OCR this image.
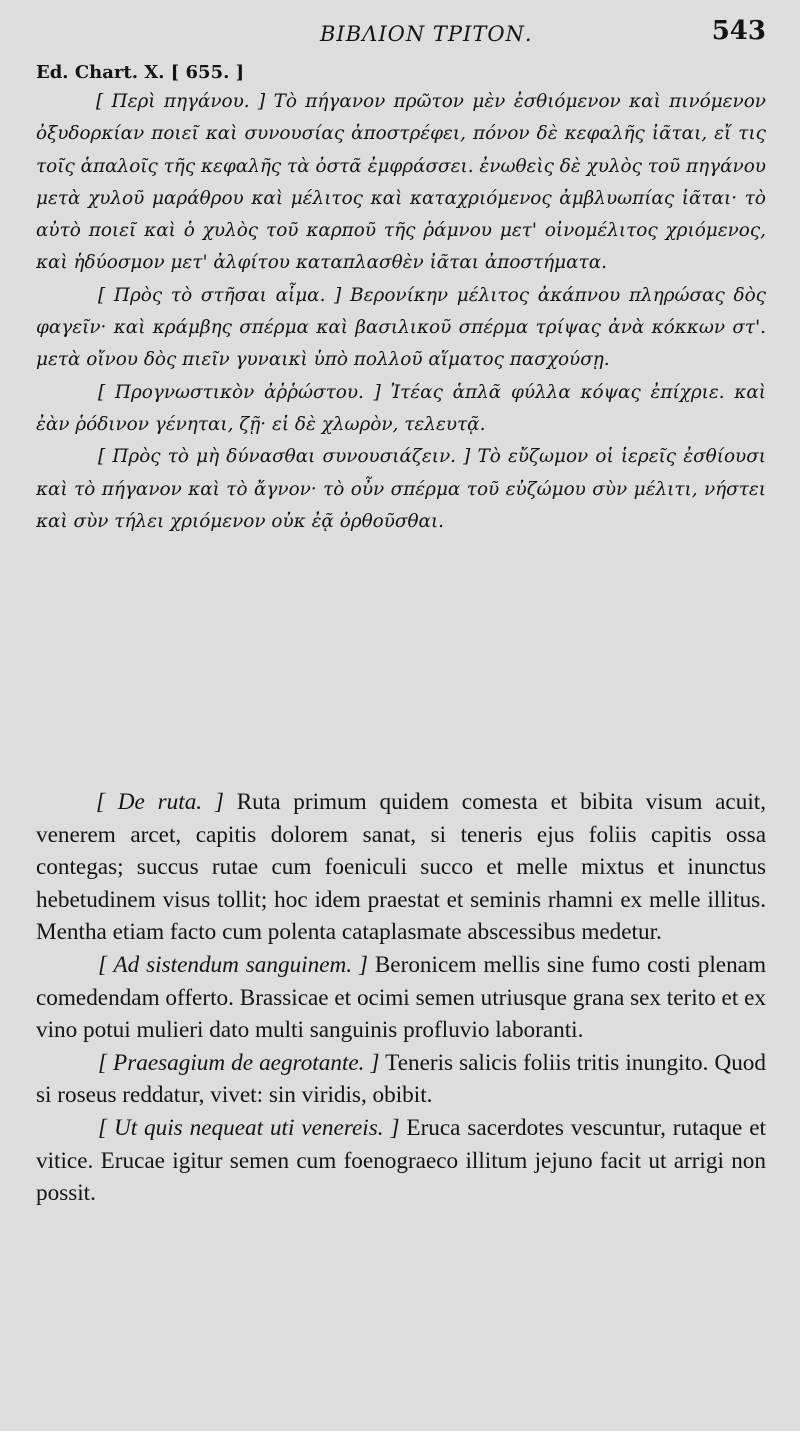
BIBΛΙΟΝ ΤΡΙΤΟΝ.	543
Ed. Chart. X. [ 655. ]

[ Περὶ πηγάνου. ] Τὸ πήγανον πρῶτον μὲν ἐσθιόμενον καὶ πινόμενον ὀξυδορκίαν ποιεῖ καὶ συνουσίας ἀποστρέφει, πόνον δὲ κεφαλῆς ἰᾶται, εἴ τις τοῖς ἁπαλοῖς τῆς κεφαλῆς τὰ ὀστᾶ ἐμφράσσει. ἐνωθεὶς δὲ χυλὸς τοῦ πηγάνου μετὰ χυλοῦ μαράθρου καὶ μέλιτος καὶ καταχριόμενος ἀμβλυωπίας ἰᾶται· τὸ αὐτὸ ποιεῖ καὶ ὁ χυλὸς τοῦ καρποῦ τῆς ῥάμνου μετ' οἰνομέλιτος χριόμενος, καὶ ἡδύοσμον μετ' ἀλφίτου καταπλασθὲν ἰᾶται ἀποστήματα.

[ Πρὸς τὸ στῆσαι αἷμα. ] Βερονίκην μέλιτος ἀκάπνου πληρώσας δὸς φαγεῖν· καὶ κράμβης σπέρμα καὶ βασιλικοῦ σπέρμα τρίψας ἀνὰ κόκκων στ'. μετὰ οἴνου δὸς πιεῖν γυναικὶ ὑπὸ πολλοῦ αἵματος πασχούσῃ.

[ Προγνωστικὸν ἀῤῥώστου. ] Ἰτέας ἁπλᾶ φύλλα κόψας ἐπίχριε. καὶ ἐὰν ῥόδινον γένηται, ζῇ· εἰ δὲ χλωρὸν, τελευτᾷ.

[ Πρὸς τὸ μὴ δύνασθαι συνουσιάζειν. ] Τὸ εὔζωμον οἱ ἱερεῖς ἐσθίουσι καὶ τὸ πήγανον καὶ τὸ ἄγνον· τὸ οὖν σπέρμα τοῦ εὐζώμου σὺν μέλιτι, νήστει καὶ σὺν τήλει χριόμενον οὐκ ἐᾷ ὀρθοῦσθαι.

[ De ruta. ] Ruta primum quidem comesta et bibita visum acuit, venerem arcet, capitis dolorem sanat, si teneris ejus foliis capitis ossa contegas; succus rutae cum foeniculi succo et melle mixtus et inunctus hebetudinem visus tollit; hoc idem praestat et seminis rhamni ex melle illitus. Mentha etiam facto cum polenta cataplasmate abscessibus medetur.

[ Ad sistendum sanguinem. ] Beronicem mellis sine fumo costi plenam comedendam offerto. Brassicae et ocimi semen utriusque grana sex terito et ex vino potui mulieri dato multi sanguinis profluvio laboranti.

[ Praesagium de aegrotante. ] Teneris salicis foliis tritis inungito. Quod si roseus reddatur, vivet: sin viridis, obibit.

[ Ut quis nequeat uti venereis. ] Eruca sacerdotes vescuntur, rutaque et vitice. Erucae igitur semen cum foenograeco illitum jejuno facit ut arrigi non possit.
